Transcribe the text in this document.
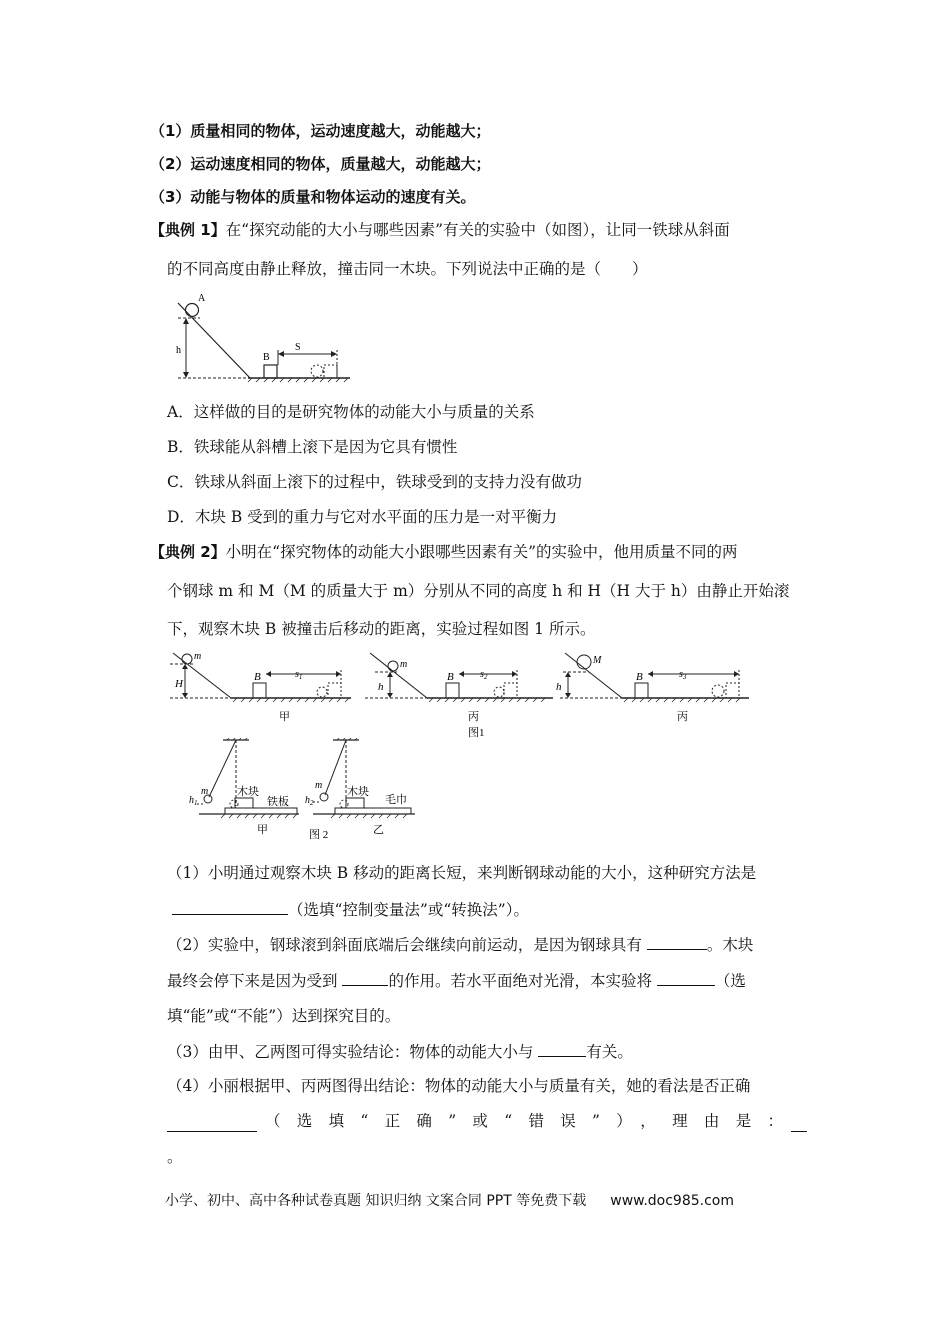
（1）质量相同的物体，运动速度越大，动能越大；
（2）运动速度相同的物体，质量越大，动能越大；
（3）动能与物体的质量和物体运动的速度有关。
【典例 1】在“探究动能的大小与哪些因素”有关的实验中（如图），让同一铁球从斜面
的不同高度由静止释放，撞击同一木块。下列说法中正确的是（　　）
A
h
B
S
A．这样做的目的是研究物体的动能大小与质量的关系
B．铁球能从斜槽上滚下是因为它具有惯性
C．铁球从斜面上滚下的过程中，铁球受到的支持力没有做功
D．木块 B 受到的重力与它对水平面的压力是一对平衡力
【典例 2】小明在“探究物体的动能大小跟哪些因素有关”的实验中，他用质量不同的两
个钢球 m 和 M（M 的质量大于 m）分别从不同的高度 h 和 H（H 大于 h）由静止开始滚
下，观察木块 B 被撞击后移动的距离，实验过程如图 1 所示。
m
H
B	$s_1$
甲
m
h
B	$s_2$
丙
图1
M
h
B	$s_3$
丙
m
$h_1$
木块
铁板
甲
m
$h_2$
木块
毛巾
乙
图 2
（1）小明通过观察木块 B 移动的距离长短，来判断钢球动能的大小，这种研究方法是
（选填“控制变量法”或“转换法”）。
（2）实验中，钢球滚到斜面底端后会继续向前运动，是因为钢球具有	。木块
最终会停下来是因为受到	的作用。若水平面绝对光滑，本实验将	（选
填“能”或“不能”）达到探究目的。
（3）由甲、乙两图可得实验结论：物体的动能大小与	有关。
（4）小丽根据甲、丙两图得出结论：物体的动能大小与质量有关，她的看法是否正确
（选填“正确”或“错误”），理由是：
。
小学、初中、高中各种试卷真题 知识归纳 文案合同 PPT 等免费下载 www.doc985.com
